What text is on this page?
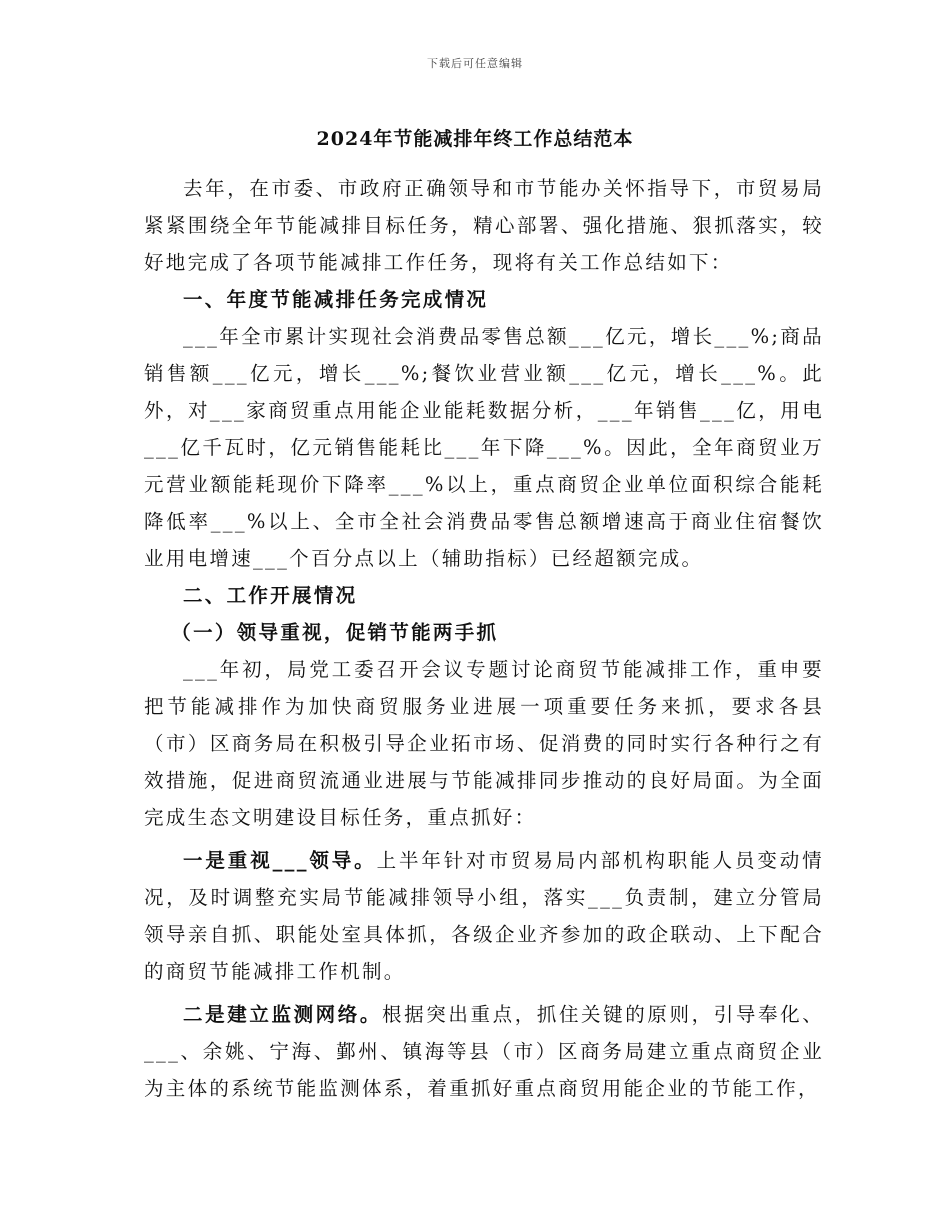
下载后可任意编辑
2024年节能减排年终工作总结范本

去年，在市委、市政府正确领导和市节能办关怀指导下，市贸易局紧紧围绕全年节能减排目标任务，精心部署、强化措施、狠抓落实，较好地完成了各项节能减排工作任务，现将有关工作总结如下：

一、年度节能减排任务完成情况

___年全市累计实现社会消费品零售总额___亿元，增长___%;商品销售额___亿元，增长___%;餐饮业营业额___亿元，增长___%。此外，对___家商贸重点用能企业能耗数据分析，___年销售___亿，用电___亿千瓦时，亿元销售能耗比___年下降___%。因此，全年商贸业万元营业额能耗现价下降率___%以上，重点商贸企业单位面积综合能耗降低率___%以上、全市全社会消费品零售总额增速高于商业住宿餐饮业用电增速___个百分点以上（辅助指标）已经超额完成。

二、工作开展情况

（一）领导重视，促销节能两手抓

___年初，局党工委召开会议专题讨论商贸节能减排工作，重申要把节能减排作为加快商贸服务业进展一项重要任务来抓，要求各县（市）区商务局在积极引导企业拓市场、促消费的同时实行各种行之有效措施，促进商贸流通业进展与节能减排同步推动的良好局面。为全面完成生态文明建设目标任务，重点抓好：

一是重视___领导。上半年针对市贸易局内部机构职能人员变动情况，及时调整充实局节能减排领导小组，落实___负责制，建立分管局领导亲自抓、职能处室具体抓，各级企业齐参加的政企联动、上下配合的商贸节能减排工作机制。

二是建立监测网络。根据突出重点，抓住关键的原则，引导奉化、___、余姚、宁海、鄞州、镇海等县（市）区商务局建立重点商贸企业为主体的系统节能监测体系，着重抓好重点商贸用能企业的节能工作，
